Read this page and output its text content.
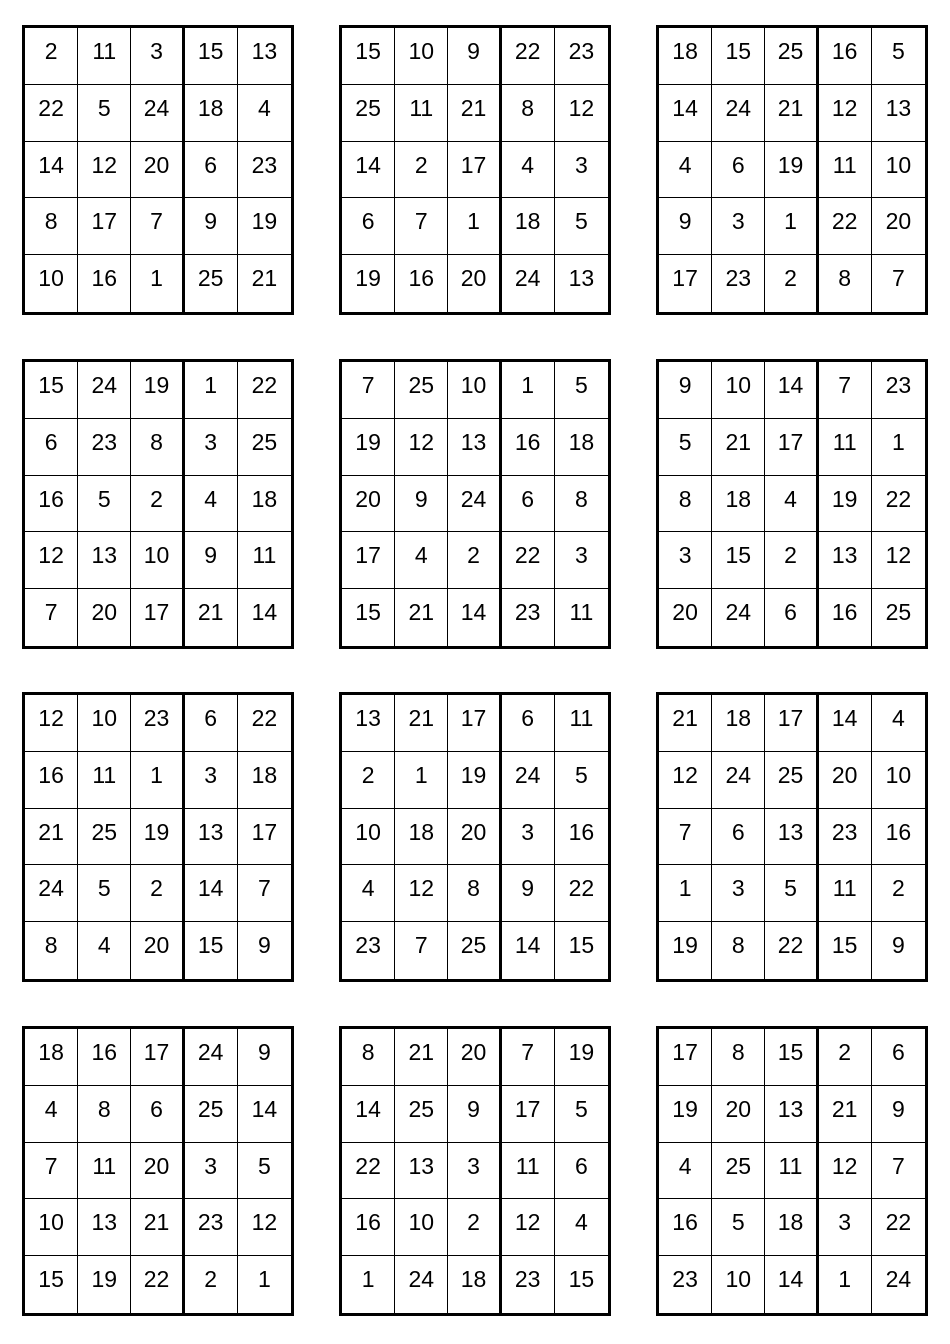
2	11	3	15	13
22	5	24	18	4
14	12	20	6	23
8	17	7	9	19
10	16	1	25	21
15	10	9	22	23
25	11	21	8	12
14	2	17	4	3
6	7	1	18	5
19	16	20	24	13
18	15	25	16	5
14	24	21	12	13
4	6	19	11	10
9	3	1	22	20
17	23	2	8	7
15	24	19	1	22
6	23	8	3	25
16	5	2	4	18
12	13	10	9	11
7	20	17	21	14
7	25	10	1	5
19	12	13	16	18
20	9	24	6	8
17	4	2	22	3
15	21	14	23	11
9	10	14	7	23
5	21	17	11	1
8	18	4	19	22
3	15	2	13	12
20	24	6	16	25
12	10	23	6	22
16	11	1	3	18
21	25	19	13	17
24	5	2	14	7
8	4	20	15	9
13	21	17	6	11
2	1	19	24	5
10	18	20	3	16
4	12	8	9	22
23	7	25	14	15
21	18	17	14	4
12	24	25	20	10
7	6	13	23	16
1	3	5	11	2
19	8	22	15	9
18	16	17	24	9
4	8	6	25	14
7	11	20	3	5
10	13	21	23	12
15	19	22	2	1
8	21	20	7	19
14	25	9	17	5
22	13	3	11	6
16	10	2	12	4
1	24	18	23	15
17	8	15	2	6
19	20	13	21	9
4	25	11	12	7
16	5	18	3	22
23	10	14	1	24
